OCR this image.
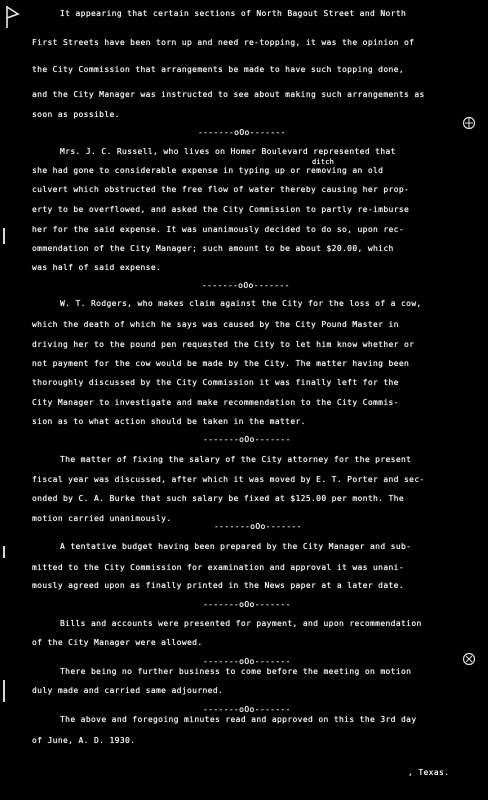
It appearing that certain sections of North Bagout Street and North
First Streets have been torn up and need re-topping, it was the opinion of
the City Commission that arrangements be made to have such topping done,
and the City Manager was instructed to see about making such arrangements as
soon as possible.
-------oOo-------
Mrs. J. C. Russell, who lives on Homer Boulevard represented that
ditch
she had gone to considerable expense in typing up or removing an old
culvert which obstructed the free flow of water thereby causing her prop-
erty to be overflowed, and asked the City Commission to partly re-imburse
her for the said expense. It was unanimously decided to do so, upon rec-
ommendation of the City Manager; such amount to be about $20.00, which
was half of said expense.
-------oOo-------
W. T. Rodgers, who makes claim against the City for the loss of a cow,
which the death of which he says was caused by the City Pound Master in
driving her to the pound pen requested the City to let him know whether or
not payment for the cow would be made by the City. The matter having been
thoroughly discussed by the City Commission it was finally left for the
City Manager to investigate and make recommendation to the City Commis-
sion as to what action should be taken in the matter.
-------oOo-------
The matter of fixing the salary of the City attorney for the present
fiscal year was discussed, after which it was moved by E. T. Porter and sec-
onded by C. A. Burke that such salary be fixed at $125.00 per month. The
motion carried unanimously.
-------oOo-------
A tentative budget having been prepared by the City Manager and sub-
mitted to the City Commission for examination and approval it was unani-
mously agreed upon as finally printed in the News paper at a later date.
-------oOo-------
Bills and accounts were presented for payment, and upon recommendation
of the City Manager were allowed.
-------oOo-------
There being no further business to come before the meeting on motion
duly made and carried same adjourned.
-------oOo-------
The above and foregoing minutes read and approved on this the 3rd day
of June, A. D. 1930.
, Texas.
